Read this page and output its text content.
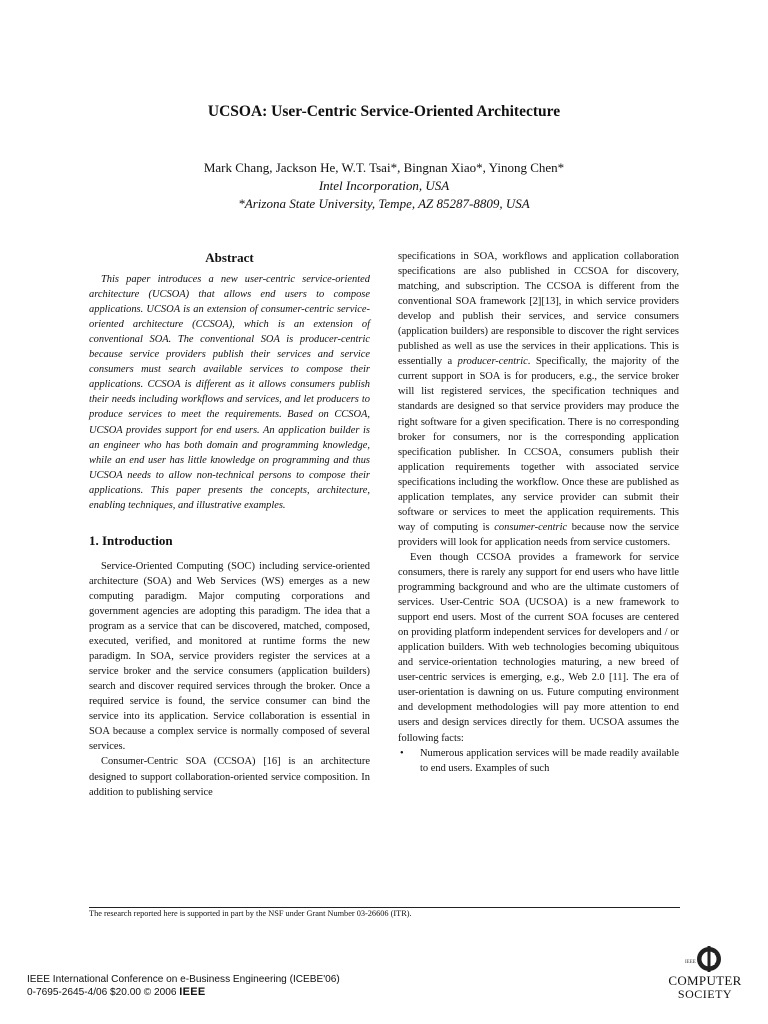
UCSOA: User-Centric Service-Oriented Architecture
Mark Chang, Jackson He, W.T. Tsai*, Bingnan Xiao*, Yinong Chen*
Intel Incorporation, USA
*Arizona State University, Tempe, AZ 85287-8809, USA
Abstract

This paper introduces a new user-centric service-oriented architecture (UCSOA) that allows end users to compose applications. UCSOA is an extension of consumer-centric service-oriented architecture (CCSOA), which is an extension of conventional SOA. The conventional SOA is producer-centric because service providers publish their services and service consumers must search available services to compose their applications. CCSOA is different as it allows consumers publish their needs including workflows and services, and let producers to produce services to meet the requirements. Based on CCSOA, UCSOA provides support for end users. An application builder is an engineer who has both domain and programming knowledge, while an end user has little knowledge on programming and thus UCSOA needs to allow non-technical persons to compose their applications. This paper presents the concepts, architecture, enabling techniques, and illustrative examples.

1. Introduction

Service-Oriented Computing (SOC) including service-oriented architecture (SOA) and Web Services (WS) emerges as a new computing paradigm. Major computing corporations and government agencies are adopting this paradigm. The idea that a program as a service that can be discovered, matched, composed, executed, verified, and monitored at runtime forms the new paradigm. In SOA, service providers register the services at a service broker and the service consumers (application builders) search and discover required services through the broker. Once a required service is found, the service consumer can bind the service into its application. Service collaboration is essential in SOA because a complex service is normally composed of several services.

Consumer-Centric SOA (CCSOA) [16] is an architecture designed to support collaboration-oriented service composition. In addition to publishing service

specifications in SOA, workflows and application collaboration specifications are also published in CCSOA for discovery, matching, and subscription. The CCSOA is different from the conventional SOA framework [2][13], in which service providers develop and publish their services, and service consumers (application builders) are responsible to discover the right services published as well as use the services in their applications. This is essentially a producer-centric. Specifically, the majority of the current support in SOA is for producers, e.g., the service broker will list registered services, the specification techniques and standards are designed so that service providers may produce the right software for a given specification. There is no corresponding broker for consumers, nor is the corresponding application specification publisher. In CCSOA, consumers publish their application requirements together with associated service specifications including the workflow. Once these are published as application templates, any service provider can submit their software or services to meet the application requirements. This way of computing is consumer-centric because now the service providers will look for application needs from service customers.

Even though CCSOA provides a framework for service consumers, there is rarely any support for end users who have little programming background and who are the ultimate customers of services. User-Centric SOA (UCSOA) is a new framework to support end users. Most of the current SOA focuses are centered on providing platform independent services for developers and / or application builders. With web technologies becoming ubiquitous and service-orientation technologies maturing, a new breed of user-centric services is emerging, e.g., Web 2.0 [11]. The era of user-orientation is dawning on us. Future computing environment and development methodologies will pay more attention to end users and design services directly for them. UCSOA assumes the following facts:

• Numerous application services will be made readily available to end users. Examples of such
The research reported here is supported in part by the NSF under Grant Number 03-26606 (ITR).
IEEE International Conference on e-Business Engineering (ICEBE'06)
0-7695-2645-4/06 $20.00 © 2006 IEEE
IEEE
COMPUTER
SOCIETY
